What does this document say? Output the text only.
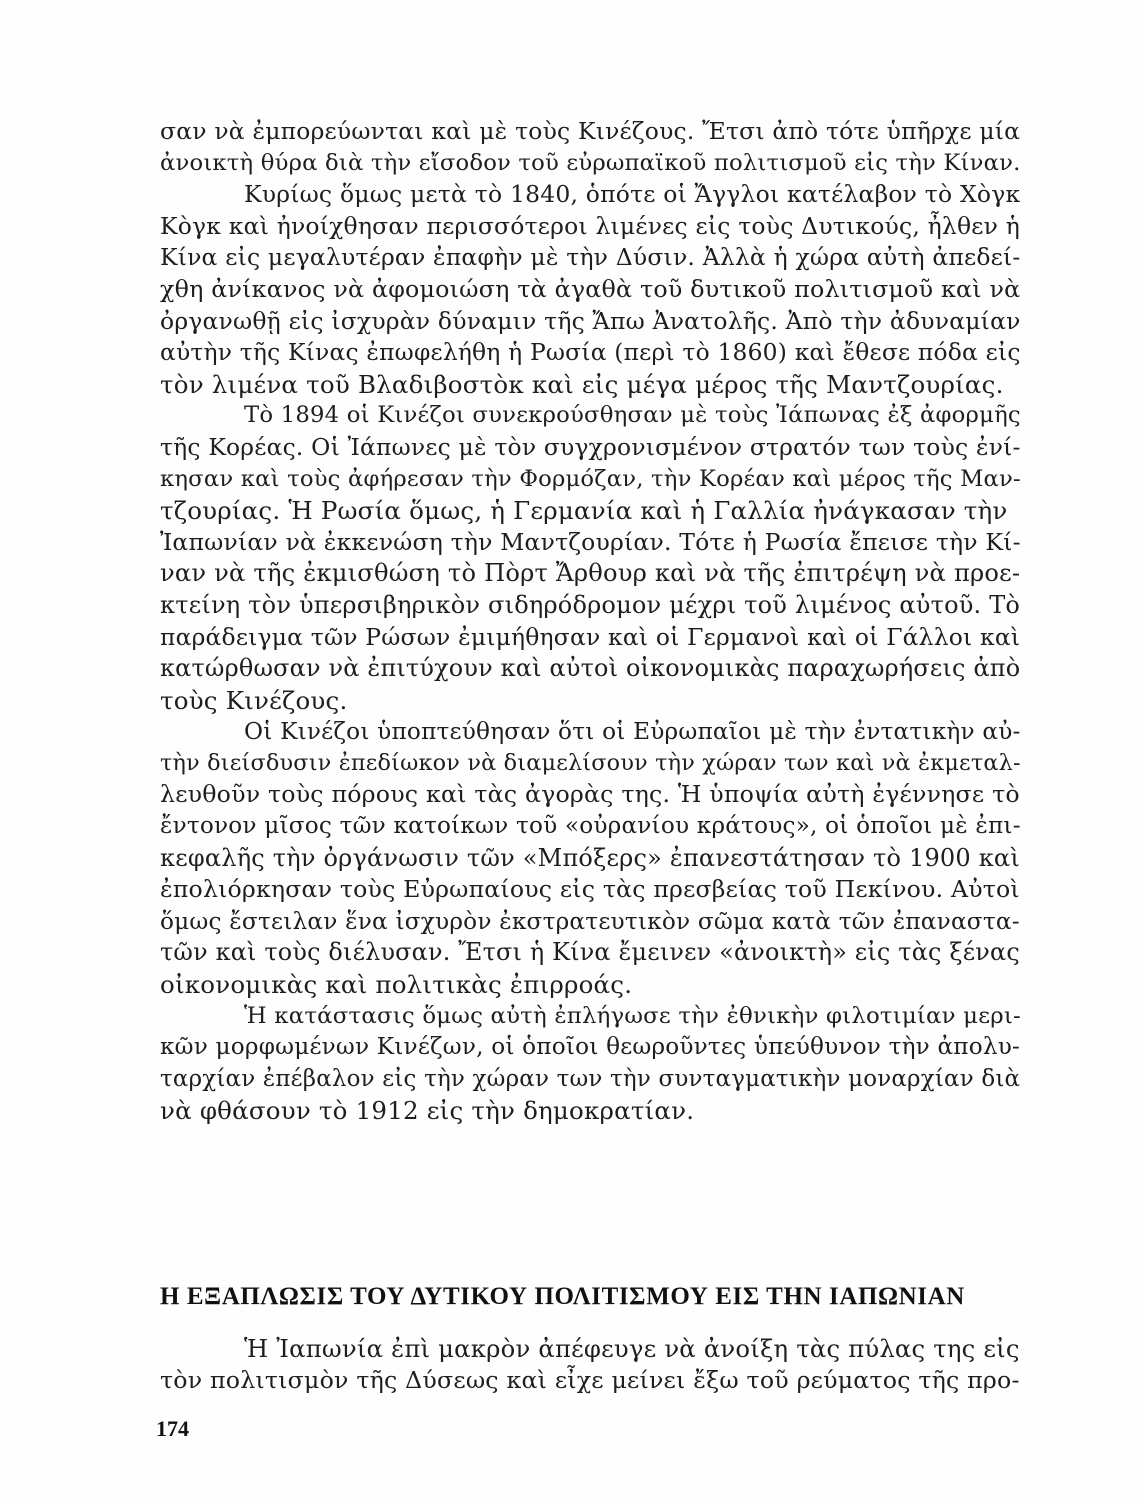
σαν νὰ ἐμπορεύωνται καὶ μὲ τοὺς Κινέζους. Ἔτσι ἀπὸ τότε ὑπῆρχε μία
ἀνοικτὴ θύρα διὰ τὴν εἴσοδον τοῦ εὐρωπαϊκοῦ πολιτισμοῦ εἰς τὴν Κίναν.
Κυρίως ὅμως μετὰ τὸ 1840, ὁπότε οἱ Ἄγγλοι κατέλαβον τὸ Χὸγκ
Κὸγκ καὶ ἠνοίχθησαν περισσότεροι λιμένες εἰς τοὺς Δυτικούς, ἦλθεν ἡ
Κίνα εἰς μεγαλυτέραν ἐπαφὴν μὲ τὴν Δύσιν. Ἀλλὰ ἡ χώρα αὐτὴ ἀπεδεί-
χθη ἀνίκανος νὰ ἀφομοιώση τὰ ἀγαθὰ τοῦ δυτικοῦ πολιτισμοῦ καὶ νὰ
ὀργανωθῇ εἰς ἰσχυρὰν δύναμιν τῆς Ἄπω Ἀνατολῆς. Ἀπὸ τὴν ἀδυναμίαν
αὐτὴν τῆς Κίνας ἐπωφελήθη ἡ Ρωσία (περὶ τὸ 1860) καὶ ἔθεσε πόδα εἰς
τὸν λιμένα τοῦ Βλαδιβοστὸκ καὶ εἰς μέγα μέρος τῆς Μαντζουρίας.
Τὸ 1894 οἱ Κινέζοι συνεκρούσθησαν μὲ τοὺς Ἰάπωνας ἐξ ἀφορμῆς
τῆς Κορέας. Οἱ Ἰάπωνες μὲ τὸν συγχρονισμένον στρατόν των τοὺς ἐνί-
κησαν καὶ τοὺς ἀφήρεσαν τὴν Φορμόζαν, τὴν Κορέαν καὶ μέρος τῆς Μαν-
τζουρίας. Ἡ Ρωσία ὅμως, ἡ Γερμανία καὶ ἡ Γαλλία ἠνάγκασαν τὴν
Ἰαπωνίαν νὰ ἐκκενώση τὴν Μαντζουρίαν. Τότε ἡ Ρωσία ἔπεισε τὴν Κί-
ναν νὰ τῆς ἐκμισθώση τὸ Πὸρτ Ἄρθουρ καὶ νὰ τῆς ἐπιτρέψη νὰ προε-
κτείνη τὸν ὑπερσιβηρικὸν σιδηρόδρομον μέχρι τοῦ λιμένος αὐτοῦ. Τὸ
παράδειγμα τῶν Ρώσων ἐμιμήθησαν καὶ οἱ Γερμανοὶ καὶ οἱ Γάλλοι καὶ
κατώρθωσαν νὰ ἐπιτύχουν καὶ αὐτοὶ οἰκονομικὰς παραχωρήσεις ἀπὸ
τοὺς Κινέζους.
Οἱ Κινέζοι ὑποπτεύθησαν ὅτι οἱ Εὐρωπαῖοι μὲ τὴν ἐντατικὴν αὐ-
τὴν διείσδυσιν ἐπεδίωκον νὰ διαμελίσουν τὴν χώραν των καὶ νὰ ἐκμεταλ-
λευθοῦν τοὺς πόρους καὶ τὰς ἀγορὰς της. Ἡ ὑποψία αὐτὴ ἐγέννησε τὸ
ἔντονον μῖσος τῶν κατοίκων τοῦ «οὐρανίου κράτους», οἱ ὁποῖοι μὲ ἐπι-
κεφαλῆς τὴν ὀργάνωσιν τῶν «Μπόξερς» ἐπανεστάτησαν τὸ 1900 καὶ
ἐπολιόρκησαν τοὺς Εὐρωπαίους εἰς τὰς πρεσβείας τοῦ Πεκίνου. Αὐτοὶ
ὅμως ἔστειλαν ἕνα ἰσχυρὸν ἐκστρατευτικὸν σῶμα κατὰ τῶν ἐπαναστα-
τῶν καὶ τοὺς διέλυσαν. Ἔτσι ἡ Κίνα ἔμεινεν «ἀνοικτὴ» εἰς τὰς ξένας
οἰκονομικὰς καὶ πολιτικὰς ἐπιρροάς.
Ἡ κατάστασις ὅμως αὐτὴ ἐπλήγωσε τὴν ἐθνικὴν φιλοτιμίαν μερι-
κῶν μορφωμένων Κινέζων, οἱ ὁποῖοι θεωροῦντες ὑπεύθυνον τὴν ἀπολυ-
ταρχίαν ἐπέβαλον εἰς τὴν χώραν των τὴν συνταγματικὴν μοναρχίαν διὰ
νὰ φθάσουν τὸ 1912 εἰς τὴν δημοκρατίαν.
Η ΕΞΑΠΛΩΣΙΣ ΤΟΥ ΔΥΤΙΚΟΥ ΠΟΛΙΤΙΣΜΟΥ ΕΙΣ ΤΗΝ ΙΑΠΩΝΙΑΝ
Ἡ Ἰαπωνία ἐπὶ μακρὸν ἀπέφευγε νὰ ἀνοίξη τὰς πύλας της εἰς
τὸν πολιτισμὸν τῆς Δύσεως καὶ εἶχε μείνει ἔξω τοῦ ρεύματος τῆς προ-
174
